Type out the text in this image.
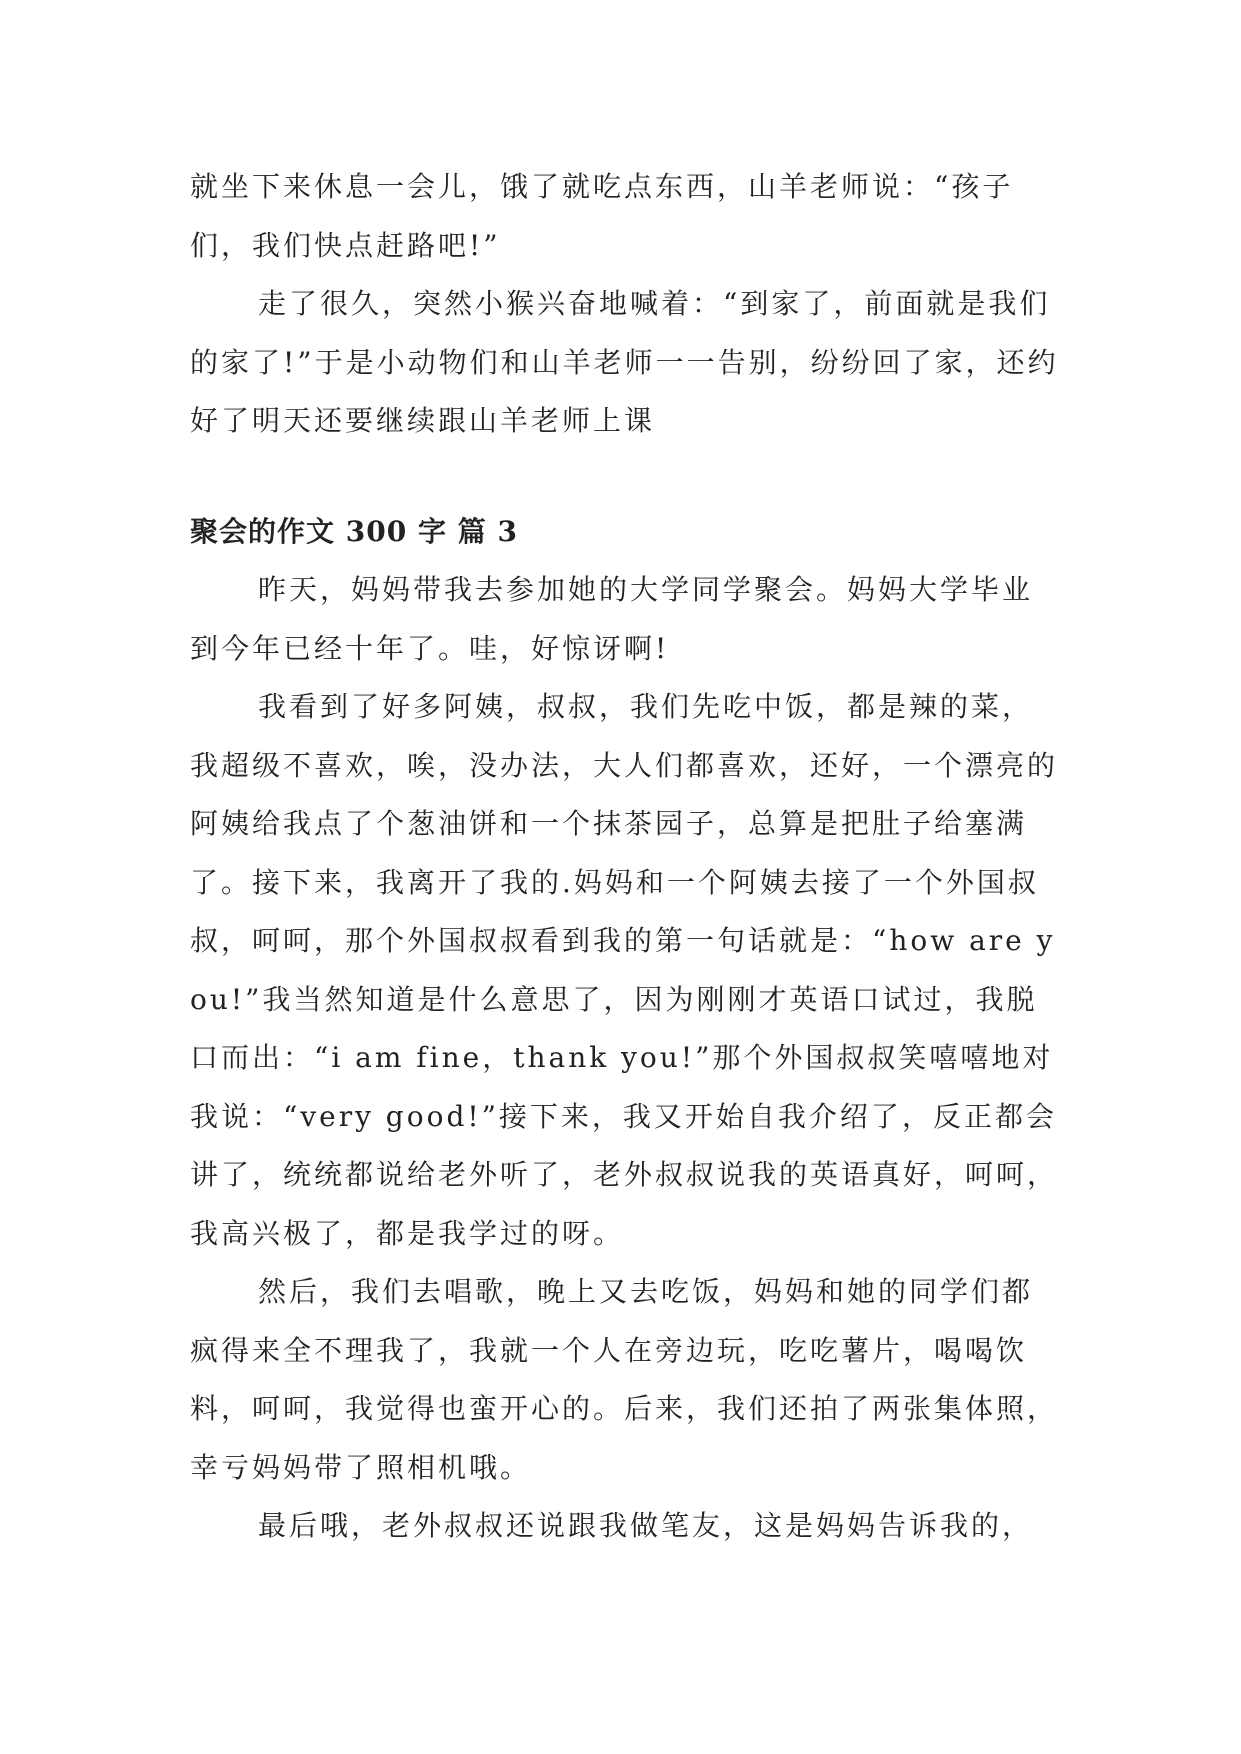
就坐下来休息一会儿，饿了就吃点东西，山羊老师说：“孩子们，我们快点赶路吧!”

走了很久，突然小猴兴奋地喊着：“到家了，前面就是我们的家了!”于是小动物们和山羊老师一一告别，纷纷回了家，还约好了明天还要继续跟山羊老师上课

聚会的作文 300 字 篇 3

昨天，妈妈带我去参加她的大学同学聚会。妈妈大学毕业到今年已经十年了。哇，好惊讶啊!

我看到了好多阿姨，叔叔，我们先吃中饭，都是辣的菜，我超级不喜欢，唉，没办法，大人们都喜欢，还好，一个漂亮的阿姨给我点了个葱油饼和一个抹茶园子，总算是把肚子给塞满了。接下来，我离开了我的.妈妈和一个阿姨去接了一个外国叔叔，呵呵，那个外国叔叔看到我的第一句话就是：“how are you!”我当然知道是什么意思了，因为刚刚才英语口试过，我脱口而出：“i am fine，thank you!”那个外国叔叔笑嘻嘻地对我说：“very good!”接下来，我又开始自我介绍了，反正都会讲了，统统都说给老外听了，老外叔叔说我的英语真好，呵呵，我高兴极了，都是我学过的呀。

然后，我们去唱歌，晚上又去吃饭，妈妈和她的同学们都疯得来全不理我了，我就一个人在旁边玩，吃吃薯片，喝喝饮料，呵呵，我觉得也蛮开心的。后来，我们还拍了两张集体照，幸亏妈妈带了照相机哦。

最后哦，老外叔叔还说跟我做笔友，这是妈妈告诉我的，
